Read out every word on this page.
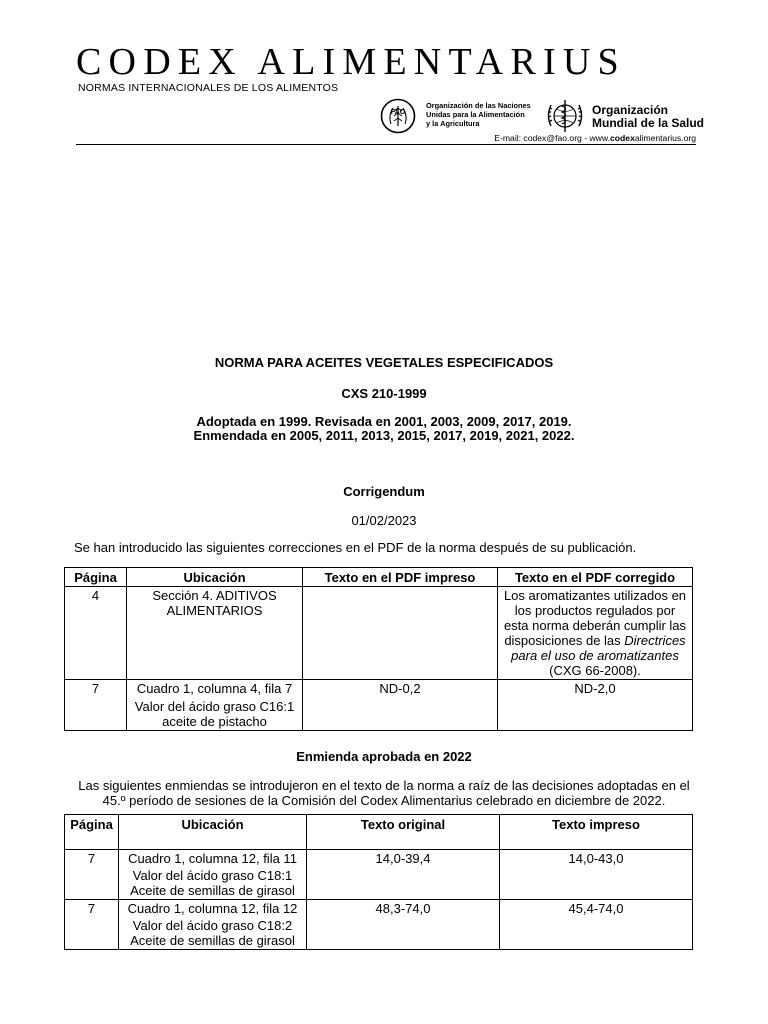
CODEX ALIMENTARIUS
NORMAS INTERNACIONALES DE LOS ALIMENTOS
FAO
Organización de las Naciones
Unidas para la Alimentación
y la Agricultura
Organización
Mundial de la Salud
E-mail: codex@fao.org - www.codexalimentarius.org
NORMA PARA ACEITES VEGETALES ESPECIFICADOS
CXS 210-1999
Adoptada en 1999. Revisada en 2001, 2003, 2009, 2017, 2019.
Enmendada en 2005, 2011, 2013, 2015, 2017, 2019, 2021, 2022.
Corrigendum
01/02/2023
Se han introducido las siguientes correcciones en el PDF de la norma después de su publicación.
Página	Ubicación	Texto en el PDF impreso	Texto en el PDF corregido
4	Sección 4. ADITIVOS ALIMENTARIOS		Los aromatizantes utilizados en los productos regulados por esta norma deberán cumplir las disposiciones de las Directrices para el uso de aromatizantes (CXG 66-2008).
7	Cuadro 1, columna 4, fila 7
Valor del ácido graso C16:1 aceite de pistacho	ND-0,2	ND-2,0
Enmienda aprobada en 2022
Las siguientes enmiendas se introdujeron en el texto de la norma a raíz de las decisiones adoptadas en el 45.º período de sesiones de la Comisión del Codex Alimentarius celebrado en diciembre de 2022.
Página	Ubicación	Texto original	Texto impreso
7	Cuadro 1, columna 12, fila 11
Valor del ácido graso C18:1
Aceite de semillas de girasol	14,0-39,4	14,0-43,0
7	Cuadro 1, columna 12, fila 12
Valor del ácido graso C18:2
Aceite de semillas de girasol	48,3-74,0	45,4-74,0
